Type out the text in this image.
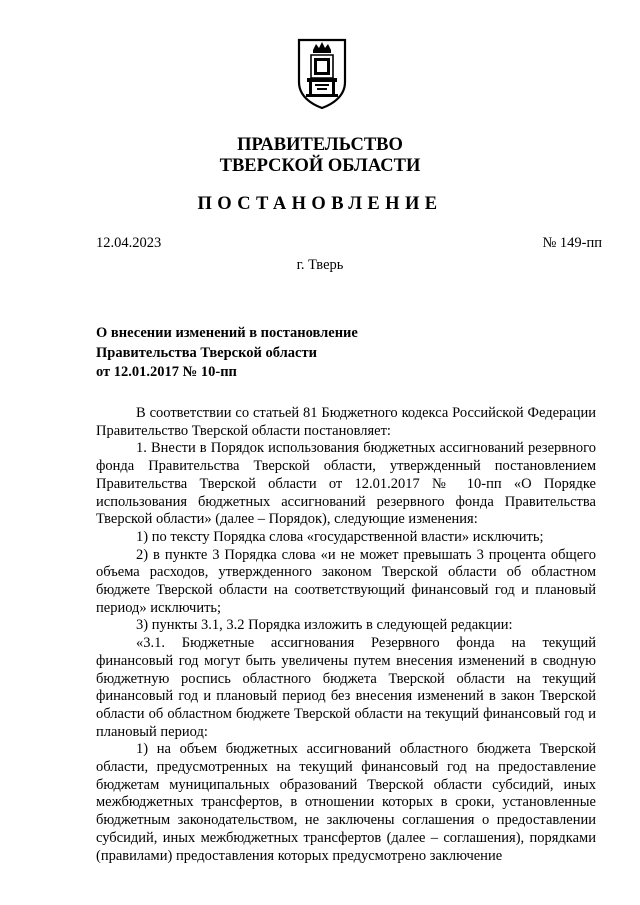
ПРАВИТЕЛЬСТВО
ТВЕРСКОЙ ОБЛАСТИ
ПОСТАНОВЛЕНИЕ
12.04.2023	№ 149-пп
г. Тверь
О внесении изменений в постановление
Правительства Тверской области
от 12.01.2017 № 10-пп

В соответствии со статьей 81 Бюджетного кодекса Российской Федерации Правительство Тверской области постановляет:

1. Внести в Порядок использования бюджетных ассигнований резервного фонда Правительства Тверской области, утвержденный постановлением Правительства Тверской области от 12.01.2017 № 10-пп «О Порядке использования бюджетных ассигнований резервного фонда Правительства Тверской области» (далее – Порядок), следующие изменения:

1) по тексту Порядка слова «государственной власти» исключить;

2) в пункте 3 Порядка слова «и не может превышать 3 процента общего объема расходов, утвержденного законом Тверской области об областном бюджете Тверской области на соответствующий финансовый год и плановый период» исключить;

3) пункты 3.1, 3.2 Порядка изложить в следующей редакции:

«3.1. Бюджетные ассигнования Резервного фонда на текущий финансовый год могут быть увеличены путем внесения изменений в сводную бюджетную роспись областного бюджета Тверской области на текущий финансовый год и плановый период без внесения изменений в закон Тверской области об областном бюджете Тверской области на текущий финансовый год и плановый период:

1) на объем бюджетных ассигнований областного бюджета Тверской области, предусмотренных на текущий финансовый год на предоставление бюджетам муниципальных образований Тверской области субсидий, иных межбюджетных трансфертов, в отношении которых в сроки, установленные бюджетным законодательством, не заключены соглашения о предоставлении субсидий, иных межбюджетных трансфертов (далее – соглашения), порядками (правилами) предоставления которых предусмотрено заключение
